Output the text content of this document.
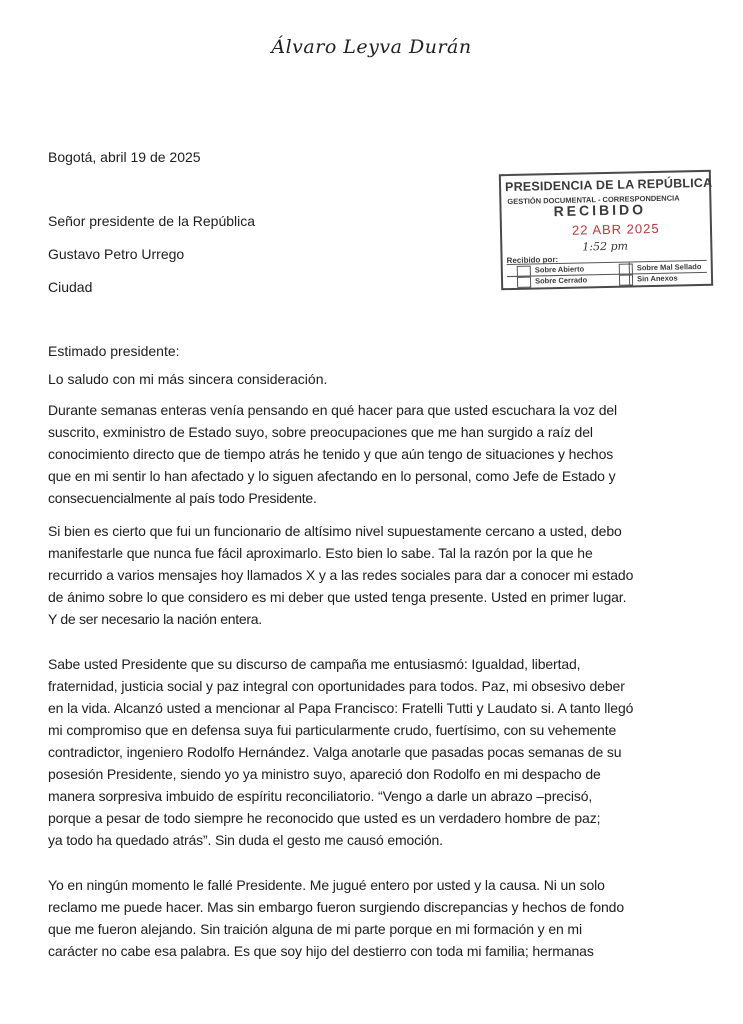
Álvaro Leyva Durán
Bogotá, abril 19 de 2025
Señor presidente de la República
Gustavo Petro Urrego
Ciudad
PRESIDENCIA DE LA REPÚBLICA
GESTIÓN DOCUMENTAL - CORRESPONDENCIA
RECIBIDO
22 ABR 2025
1:52 pm
Recibido por:
Sobre Abierto	Sobre Mal Sellado
Sobre Cerrado	Sin Anexos
Estimado presidente:
Lo saludo con mi más sincera consideración.
Durante semanas enteras venía pensando en qué hacer para que usted escuchara la voz del
suscrito, exministro de Estado suyo, sobre preocupaciones que me han surgido a raíz del
conocimiento directo que de tiempo atrás he tenido y que aún tengo de situaciones y hechos
que en mi sentir lo han afectado y lo siguen afectando en lo personal, como Jefe de Estado y
consecuencialmente al país todo Presidente.
Si bien es cierto que fui un funcionario de altísimo nivel supuestamente cercano a usted, debo
manifestarle que nunca fue fácil aproximarlo. Esto bien lo sabe. Tal la razón por la que he
recurrido a varios mensajes hoy llamados X y a las redes sociales para dar a conocer mi estado
de ánimo sobre lo que considero es mi deber que usted tenga presente. Usted en primer lugar.
Y de ser necesario la nación entera.
Sabe usted Presidente que su discurso de campaña me entusiasmó: Igualdad, libertad,
fraternidad, justicia social y paz integral con oportunidades para todos. Paz, mi obsesivo deber
en la vida. Alcanzó usted a mencionar al Papa Francisco: Fratelli Tutti y Laudato si. A tanto llegó
mi compromiso que en defensa suya fui particularmente crudo, fuertísimo, con su vehemente
contradictor, ingeniero Rodolfo Hernández. Valga anotarle que pasadas pocas semanas de su
posesión Presidente, siendo yo ya ministro suyo, apareció don Rodolfo en mi despacho de
manera sorpresiva imbuido de espíritu reconciliatorio. “Vengo a darle un abrazo –precisó,
porque a pesar de todo siempre he reconocido que usted es un verdadero hombre de paz;
ya todo ha quedado atrás”. Sin duda el gesto me causó emoción.
Yo en ningún momento le fallé Presidente. Me jugué entero por usted y la causa. Ni un solo
reclamo me puede hacer. Mas sin embargo fueron surgiendo discrepancias y hechos de fondo
que me fueron alejando. Sin traición alguna de mi parte porque en mi formación y en mi
carácter no cabe esa palabra. Es que soy hijo del destierro con toda mi familia; hermanas
